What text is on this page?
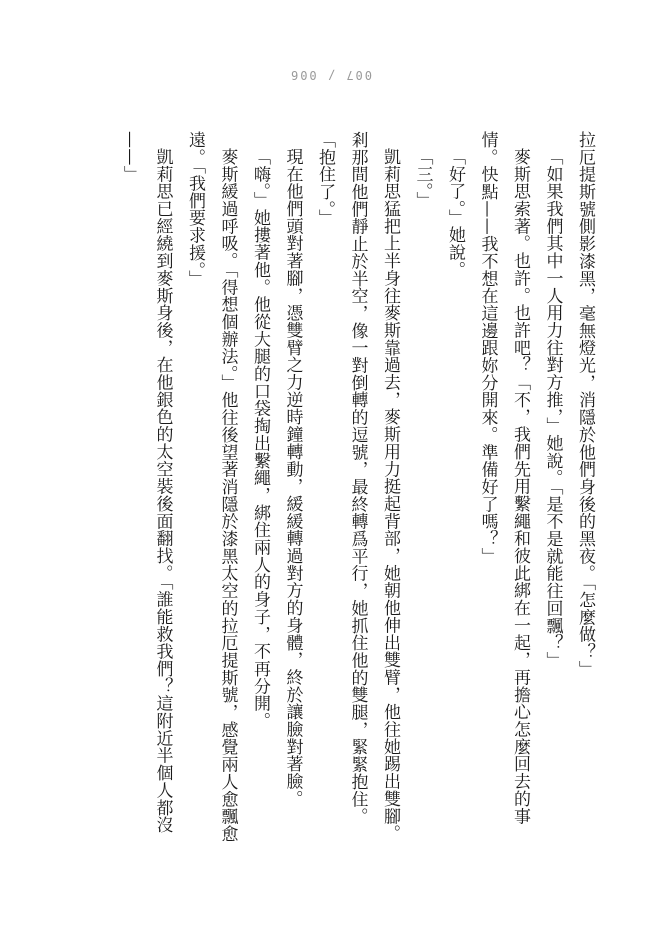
007 / 006

拉厄提斯號側影漆黑，毫無燈光，消隱於他們身後的黑夜。「怎麼做？」

「如果我們其中一人用力往對方推，」她說。「是不是就能往回飄？」

麥斯思索著。也許。也許吧？「不，我們先用繫繩和彼此綁在一起，再擔心怎麼回去的事情。快點——我不想在這邊跟妳分開來。準備好了嗎？」

「好了。」她說。

「三。」

凱莉思猛把上半身往麥斯靠過去，麥斯用力挺起背部，她朝他伸出雙臂，他往她踢出雙腳。剎那間他們靜止於半空，像一對倒轉的逗號，最終轉爲平行，她抓住他的雙腿，緊緊抱住。「抱住了。」

現在他們頭對著腳，憑雙臂之力逆時鐘轉動，緩緩轉過對方的身體，終於讓臉對著臉。

「嗨。」她摟著他。他從大腿的口袋掏出繫繩，綁住兩人的身子，不再分開。

麥斯緩過呼吸。「得想個辦法。」他往後望著消隱於漆黑太空的拉厄提斯號，感覺兩人愈飄愈遠。「我們要求援。」

凱莉思已經繞到麥斯身後，在他銀色的太空裝後面翻找。「誰能救我們？這附近半個人都沒——」
